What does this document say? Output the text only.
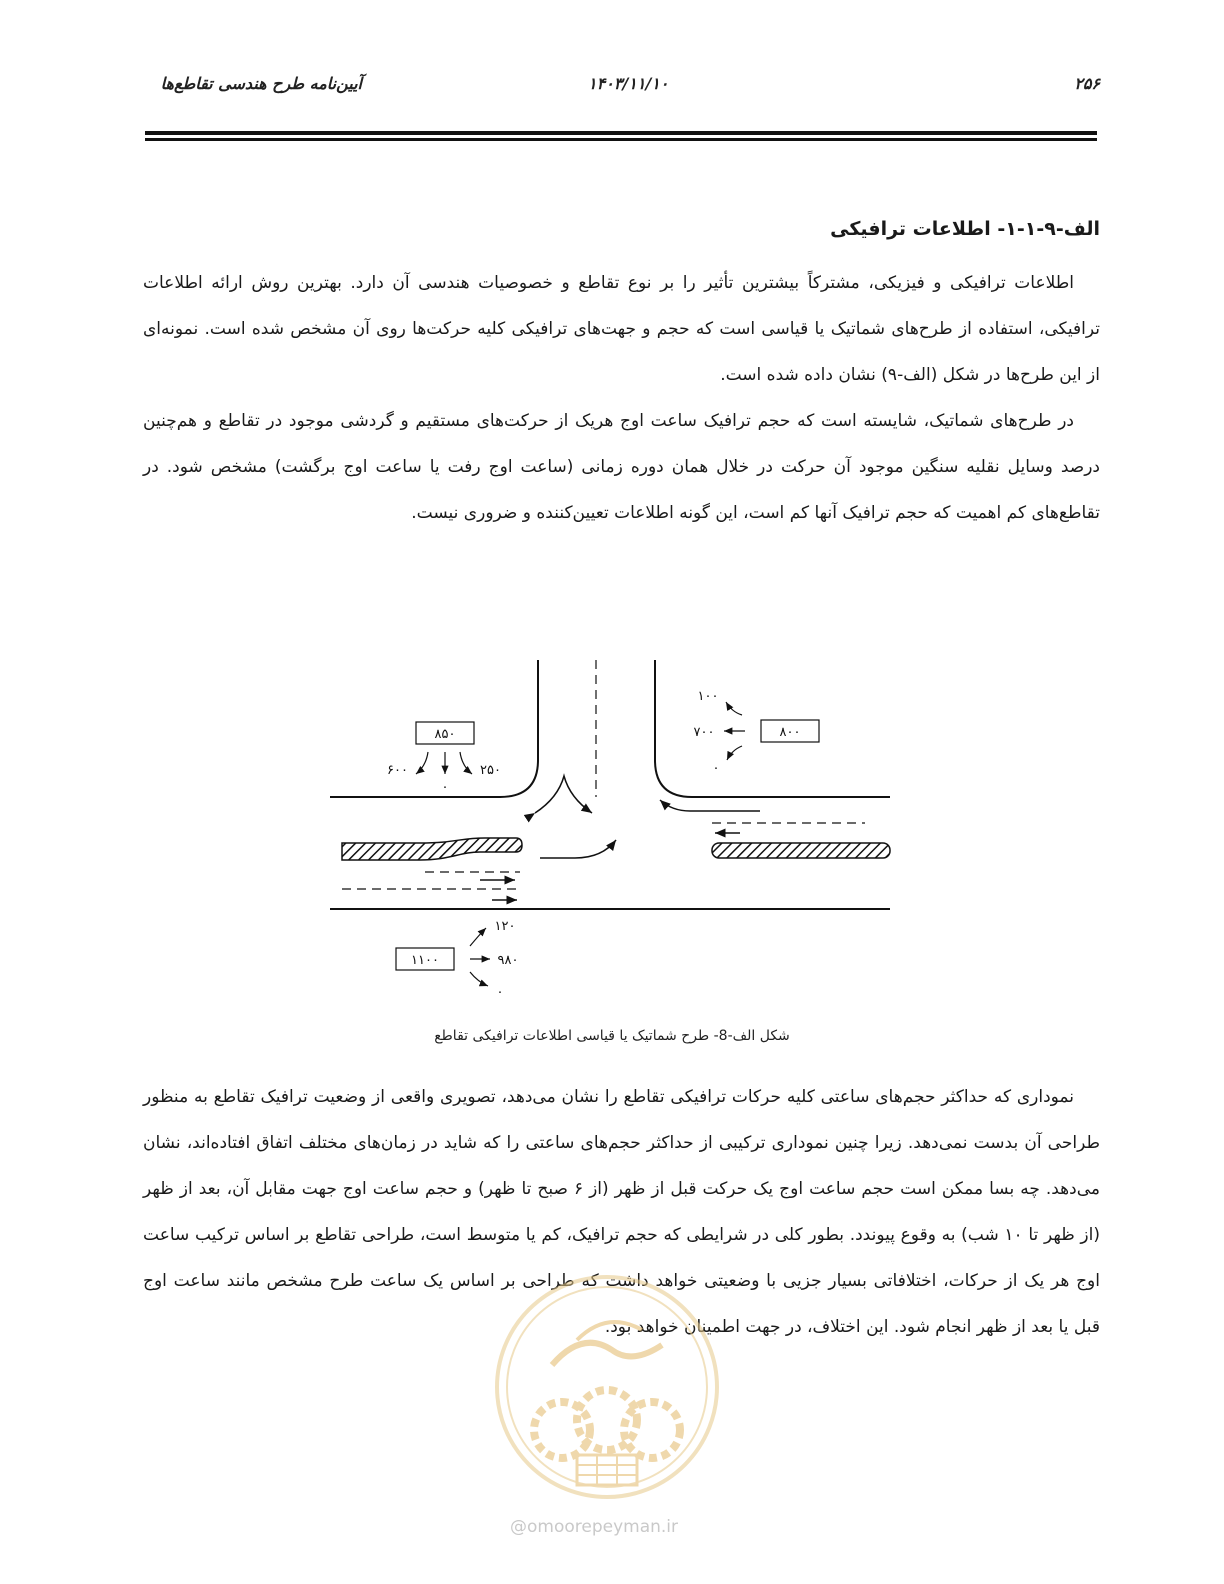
آیین‌نامه طرح هندسی تقاطع‌ها	۱۴۰۳/۱۱/۱۰	۲۵۶
الف-۹-۱-۱- اطلاعات ترافیکی

اطلاعات ترافیکی و فیزیکی، مشترکاً بیشترین تأثیر را بر نوع تقاطع و خصوصیات هندسی آن دارد. بهترین روش ارائه اطلاعات ترافیکی، استفاده از طرح‌های شماتیک یا قیاسی است که حجم و جهت‌های ترافیکی کلیه حرکت‌ها روی آن مشخص شده است. نمونه‌ای از این طرح‌ها در شکل (الف-۹) نشان داده شده است.

در طرح‌های شماتیک، شایسته است که حجم ترافیک ساعت اوج هریک از حرکت‌های مستقیم و گردشی موجود در تقاطع و هم‌چنین درصد وسایل نقلیه سنگین موجود آن حرکت در خلال همان دوره زمانی (ساعت اوج رفت یا ساعت اوج برگشت) مشخص شود. در تقاطع‌های کم اهمیت که حجم ترافیک آنها کم است، این گونه اطلاعات تعیین‌کننده و ضروری نیست.

۸۵۰
۶۰۰
۰
۲۵۰
۸۰۰
۱۰۰
۷۰۰
۰
۱۱۰۰
۱۲۰
۹۸۰
۰
شکل الف-8- طرح شماتیک یا قیاسی اطلاعات ترافیکی تقاطع

نموداری که حداکثر حجم‌های ساعتی کلیه حرکات ترافیکی تقاطع را نشان می‌دهد، تصویری واقعی از وضعیت ترافیک تقاطع به منظور طراحی آن بدست نمی‌دهد. زیرا چنین نموداری ترکیبی از حداکثر حجم‌های ساعتی را که شاید در زمان‌های مختلف اتفاق افتاده‌اند، نشان می‌دهد. چه بسا ممکن است حجم ساعت اوج یک حرکت قبل از ظهر (از ۶ صبح تا ظهر) و حجم ساعت اوج جهت مقابل آن، بعد از ظهر (از ظهر تا ۱۰ شب) به وقوع پیوندد. بطور کلی در شرایطی که حجم ترافیک، کم یا متوسط است، طراحی تقاطع بر اساس ترکیب ساعت اوج هر یک از حرکات، اختلافاتی بسیار جزیی با وضعیتی خواهد داشت که طراحی بر اساس یک ساعت طرح مشخص مانند ساعت اوج قبل یا بعد از ظهر انجام شود. این اختلاف، در جهت اطمینان خواهد بود.

@omoorepeyman.ir
